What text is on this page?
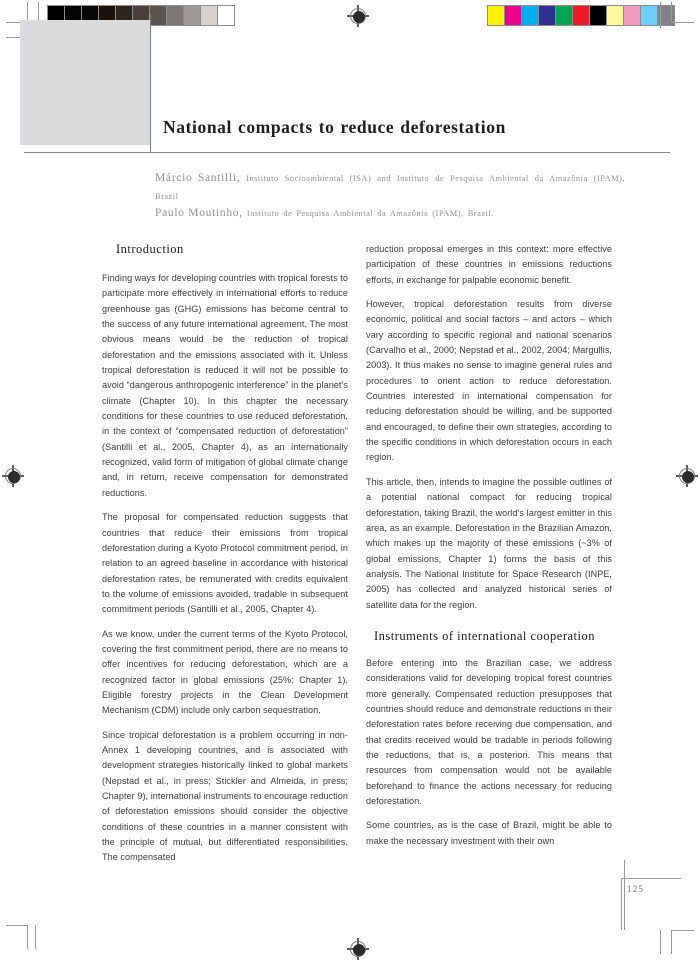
National compacts to reduce deforestation
Márcio Santilli, Instituto Socioambiental (ISA) and Instituto de Pesquisa Ambiental da Amazônia (IPAM), Brazil
Paulo Moutinho, Instituto de Pesquisa Ambiental da Amazônia (IPAM), Brazil.
Introduction

Finding ways for developing countries with tropical forests to participate more effectively in international efforts to reduce greenhouse gas (GHG) emissions has become central to the success of any future international agreement. The most obvious means would be the reduction of tropical deforestation and the emissions associated with it. Unless tropical deforestation is reduced it will not be possible to avoid “dangerous anthropogenic interference” in the planet’s climate (Chapter 10). In this chapter the necessary conditions for these countries to use reduced deforestation, in the context of “compensated reduction of deforestation” (Santilli et al., 2005, Chapter 4), as an internationally recognized, valid form of mitigation of global climate change and, in return, receive compensation for demonstrated reductions.

The proposal for compensated reduction suggests that countries that reduce their emissions from tropical deforestation during a Kyoto Protocol commitment period, in relation to an agreed baseline in accordance with historical deforestation rates, be remunerated with credits equivalent to the volume of emissions avoided, tradable in subsequent commitment periods (Santilli et al., 2005, Chapter 4).

As we know, under the current terms of the Kyoto Protocol, covering the first commitment period, there are no means to offer incentives for reducing deforestation, which are a recognized factor in global emissions (25%; Chapter 1). Eligible forestry projects in the Clean Development Mechanism (CDM) include only carbon sequestration.

Since tropical deforestation is a problem occurring in non-Annex 1 developing countries, and is associated with development strategies historically linked to global markets (Nepstad et al., in press; Stickler and Almeida, in press; Chapter 9), international instruments to encourage reduction of deforestation emissions should consider the objective conditions of these countries in a manner consistent with the principle of mutual, but differentiated responsibilities. The compensated

reduction proposal emerges in this context: more effective participation of these countries in emissions reductions efforts, in exchange for palpable economic benefit.

However, tropical deforestation results from diverse economic, political and social factors – and actors – which vary according to specific regional and national scenarios (Carvalho et al., 2000; Nepstad et al., 2002, 2004; Margullis, 2003). It thus makes no sense to imagine general rules and procedures to orient action to reduce deforestation. Countries interested in international compensation for reducing deforestation should be willing, and be supported and encouraged, to define their own strategies, according to the specific conditions in which deforestation occurs in each region.

This article, then, intends to imagine the possible outlines of a potential national compact for reducing tropical deforestation, taking Brazil, the world’s largest emitter in this area, as an example. Deforestation in the Brazilian Amazon, which makes up the majority of these emissions (~3% of global emissions, Chapter 1) forms the basis of this analysis. The National Institute for Space Research (INPE, 2005) has collected and analyzed historical series of satellite data for the region.

Instruments of international cooperation

Before entering into the Brazilian case, we address considerations valid for developing tropical forest countries more generally. Compensated reduction presupposes that countries should reduce and demonstrate reductions in their deforestation rates before receiving due compensation, and that credits received would be tradable in periods following the reductions, that is, a posteriori. This means that resources from compensation would not be available beforehand to finance the actions necessary for reducing deforestation.

Some countries, as is the case of Brazil, might be able to make the necessary investment with their own

125
